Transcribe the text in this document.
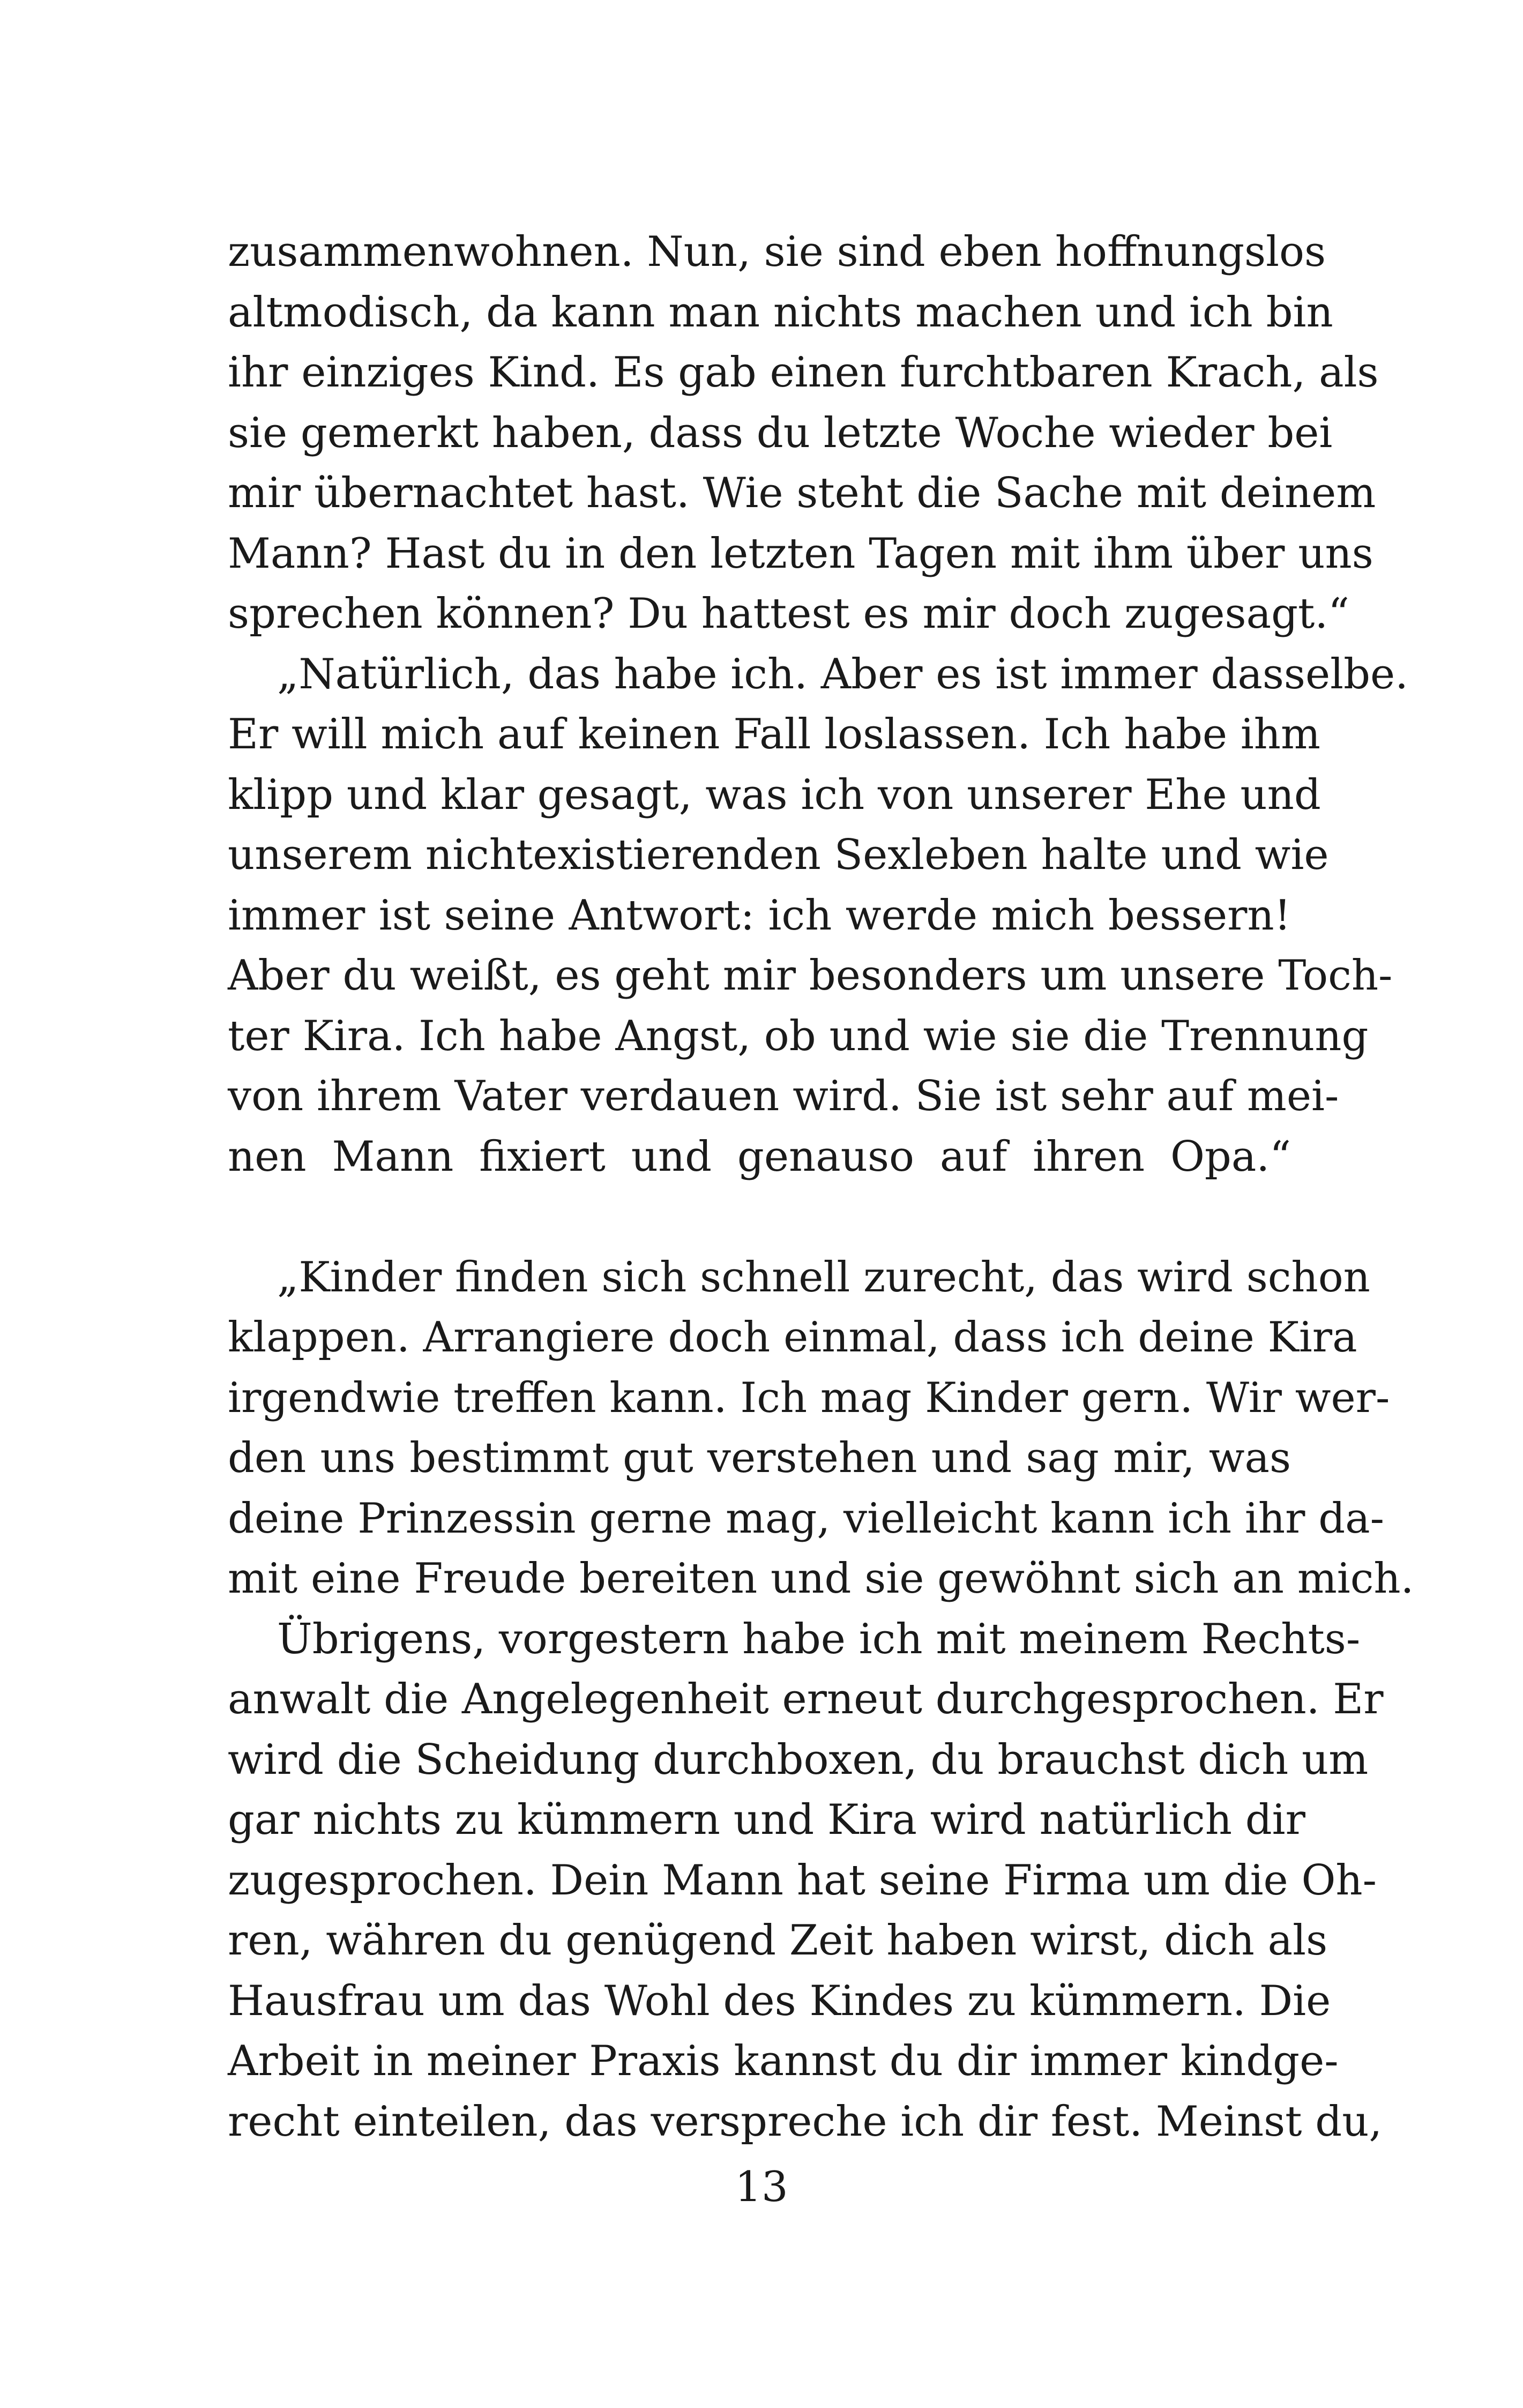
zusammenwohnen. Nun, sie sind eben hoffnungslos
altmodisch, da kann man nichts machen und ich bin
ihr einziges Kind. Es gab einen furchtbaren Krach, als
sie gemerkt haben, dass du letzte Woche wieder bei
mir übernachtet hast. Wie steht die Sache mit deinem
Mann? Hast du in den letzten Tagen mit ihm über uns
sprechen können? Du hattest es mir doch zugesagt.“
„Natürlich, das habe ich. Aber es ist immer dasselbe.
Er will mich auf keinen Fall loslassen. Ich habe ihm
klipp und klar gesagt, was ich von unserer Ehe und
unserem nichtexistierenden Sexleben halte und wie
immer ist seine Antwort: ich werde mich bessern!
Aber du weißt, es geht mir besonders um unsere Toch-
ter Kira. Ich habe Angst, ob und wie sie die Trennung
von ihrem Vater verdauen wird. Sie ist sehr auf mei-
nen Mann fixiert und genauso auf ihren Opa.“
„Kinder finden sich schnell zurecht, das wird schon
klappen. Arrangiere doch einmal, dass ich deine Kira
irgendwie treffen kann. Ich mag Kinder gern. Wir wer-
den uns bestimmt gut verstehen und sag mir, was
deine Prinzessin gerne mag, vielleicht kann ich ihr da-
mit eine Freude bereiten und sie gewöhnt sich an mich.
Übrigens, vorgestern habe ich mit meinem Rechts-
anwalt die Angelegenheit erneut durchgesprochen. Er
wird die Scheidung durchboxen, du brauchst dich um
gar nichts zu kümmern und Kira wird natürlich dir
zugesprochen. Dein Mann hat seine Firma um die Oh-
ren, währen du genügend Zeit haben wirst, dich als
Hausfrau um das Wohl des Kindes zu kümmern. Die
Arbeit in meiner Praxis kannst du dir immer kindge-
recht einteilen, das verspreche ich dir fest. Meinst du,
13
